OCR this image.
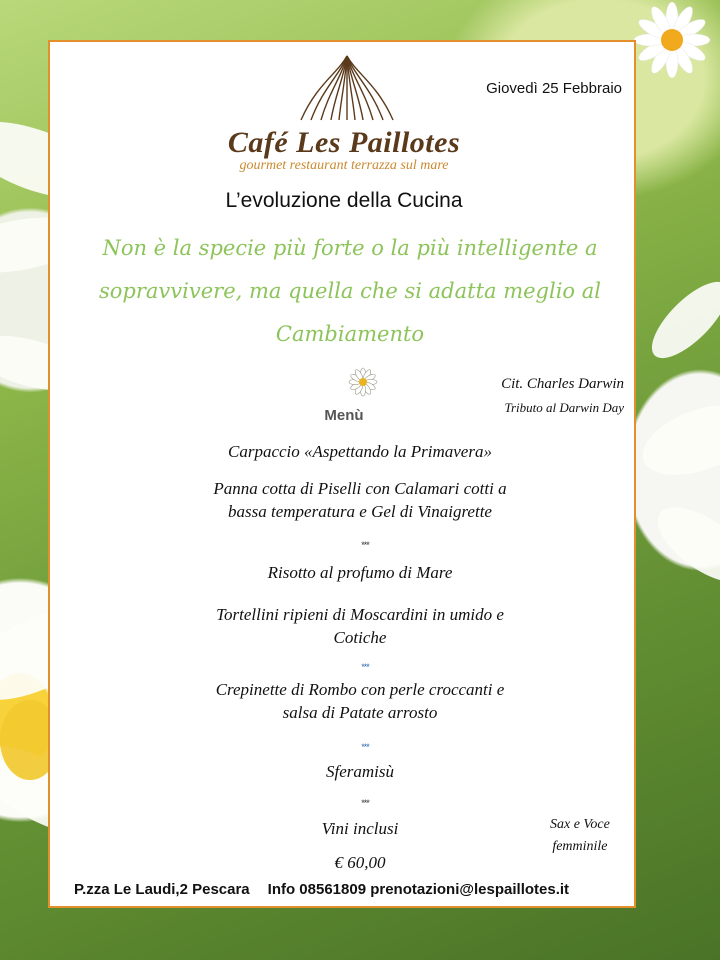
Giovedì 25 Febbraio
Café Les Paillotes
gourmet restaurant terrazza sul mare
L’evoluzione della Cucina
Non è la specie più forte o la più intelligente a
sopravvivere, ma quella che si adatta meglio al
Cambiamento
Cit. Charles Darwin
Tributo al Darwin Day
Menù
Carpaccio «Aspettando la Primavera»
Panna cotta di Piselli con Calamari cotti a
bassa temperatura e Gel di Vinaigrette
***
Risotto al profumo di Mare
Tortellini ripieni di Moscardini in umido e
Cotiche
***
Crepinette di Rombo con perle croccanti e
salsa di Patate arrosto
***
Sferamisù
***
Vini inclusi
€ 60,00
Sax e Voce
femminile
P.zza Le Laudi,2 Pescara Info 08561809 prenotazioni@lespaillotes.it
